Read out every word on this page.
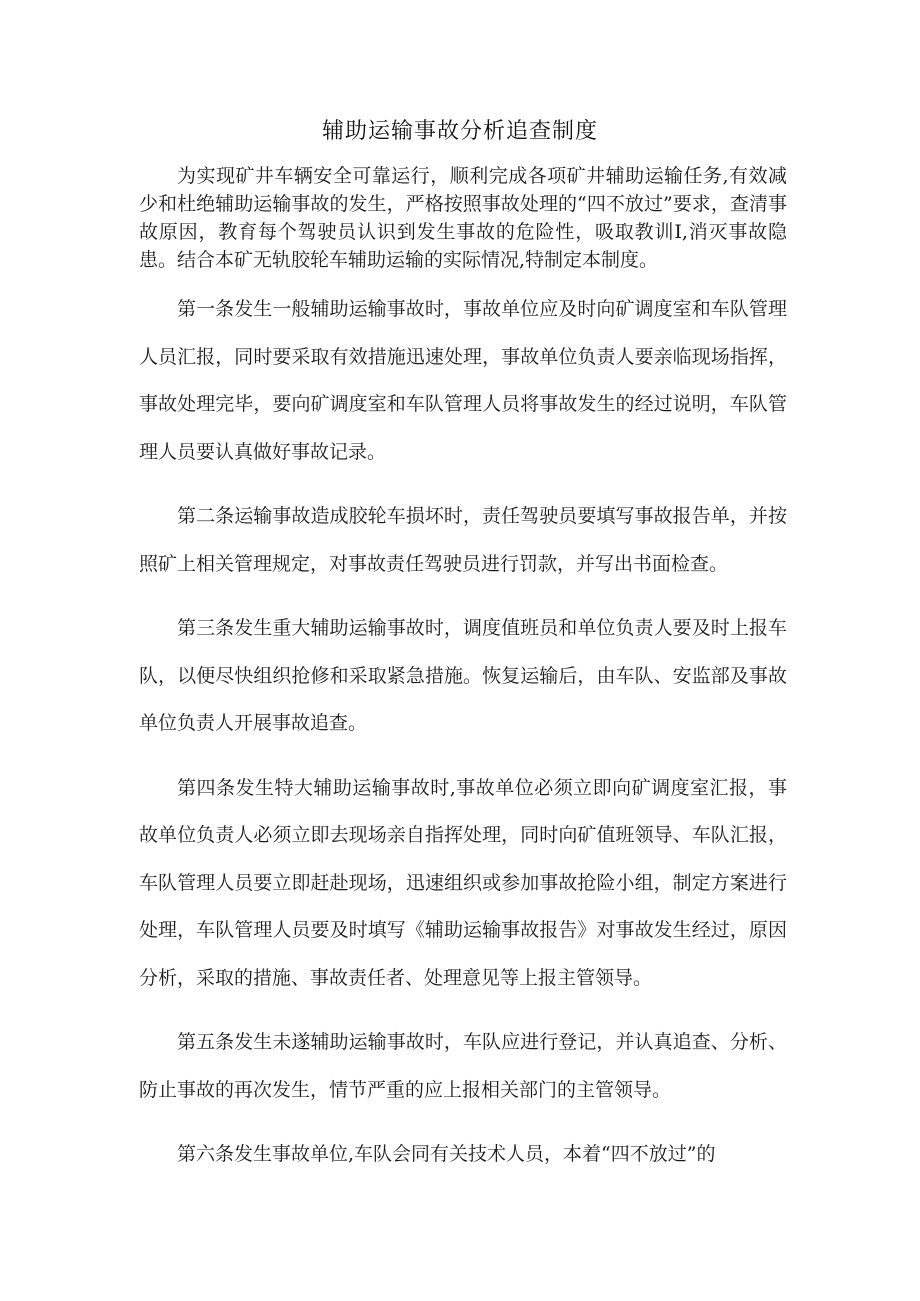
辅助运输事故分析追查制度

为实现矿井车辆安全可靠运行，顺利完成各项矿井辅助运输任务,有效减少和杜绝辅助运输事故的发生，严格按照事故处理的“四不放过”要求，查清事故原因，教育每个驾驶员认识到发生事故的危险性，吸取教训I,消灭事故隐患。结合本矿无轨胶轮车辅助运输的实际情况,特制定本制度。

第一条发生一般辅助运输事故时，事故单位应及时向矿调度室和车队管理人员汇报，同时要采取有效措施迅速处理，事故单位负责人要亲临现场指挥，事故处理完毕，要向矿调度室和车队管理人员将事故发生的经过说明，车队管理人员要认真做好事故记录。

第二条运输事故造成胶轮车损坏时，责任驾驶员要填写事故报告单，并按照矿上相关管理规定，对事故责任驾驶员进行罚款，并写出书面检查。

第三条发生重大辅助运输事故时，调度值班员和单位负责人要及时上报车队，以便尽快组织抢修和采取紧急措施。恢复运输后，由车队、安监部及事故单位负责人开展事故追查。

第四条发生特大辅助运输事故时,事故单位必须立即向矿调度室汇报，事故单位负责人必须立即去现场亲自指挥处理，同时向矿值班领导、车队汇报，车队管理人员要立即赶赴现场，迅速组织或参加事故抢险小组，制定方案进行处理，车队管理人员要及时填写《辅助运输事故报告》对事故发生经过，原因分析，采取的措施、事故责任者、处理意见等上报主管领导。

第五条发生未遂辅助运输事故时，车队应进行登记，并认真追查、分析、防止事故的再次发生，情节严重的应上报相关部门的主管领导。

第六条发生事故单位,车队会同有关技术人员，本着“四不放过”的
